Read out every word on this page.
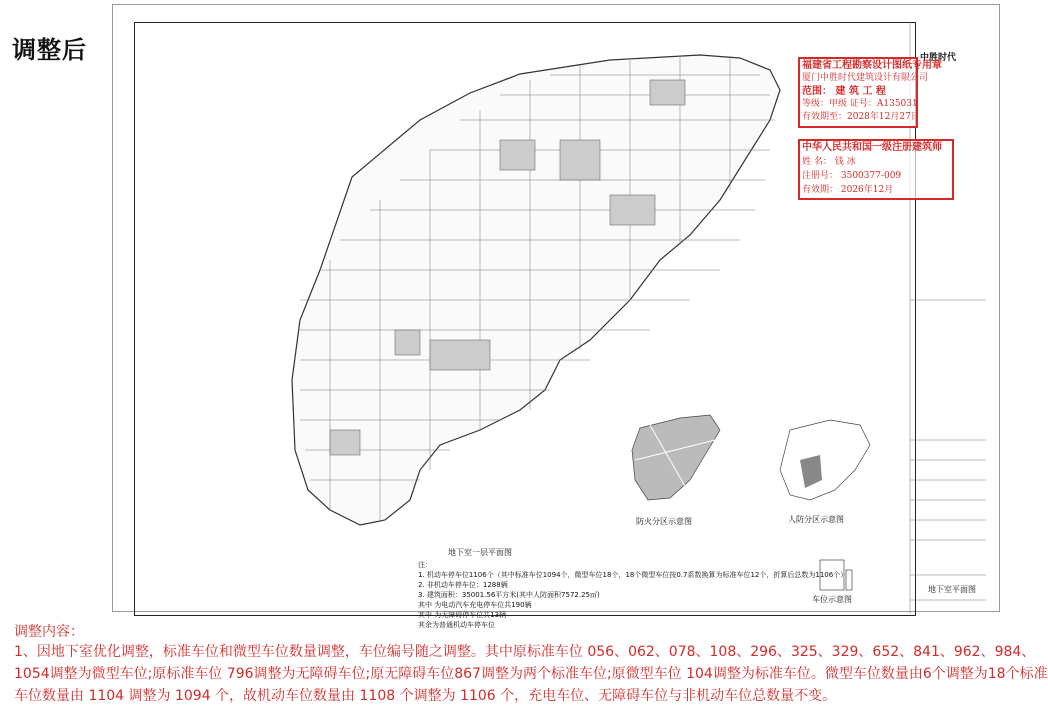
调整后	中胜时代
福建省工程勘察设计图纸专用章
厦门中胜时代建筑设计有限公司
范围： 建 筑 工 程
等级：甲级 证号：A135031
有效期至：2028年12月27日
中华人民共和国一级注册建筑师
姓 名： 钱 冰
注册号： 3500377-009
有效期： 2026年12月
防火分区示意图	人防分区示意图
车位示意图
地下室一层平面图
地下室平面图
注：
1. 机动车停车位1106个（其中标准车位1094个，微型车位18个，18个微型车位按0.7系数换算为标准车位12个，折算后总数为1106个）
2. 非机动车停车位：1288辆
3. 建筑面积：35001.56平方米(其中人防面积7572.25㎡)
其中 为电动汽车充电停车位共190辆
其中 为无障碍停车位共13辆
其余为普通机动车停车位
调整内容：
1、因地下室优化调整，标准车位和微型车位数量调整，车位编号随之调整。其中原标准车位 056、062、078、108、296、325、329、652、841、962、984、
1054调整为微型车位;原标准车位 796调整为无障碍车位;原无障碍车位867调整为两个标准车位;原微型车位 104调整为标准车位。微型车位数量由6个调整为18个标准
车位数量由 1104 调整为 1094 个，故机动车位数量由 1108 个调整为 1106 个，充电车位、无障碍车位与非机动车位总数量不变。
